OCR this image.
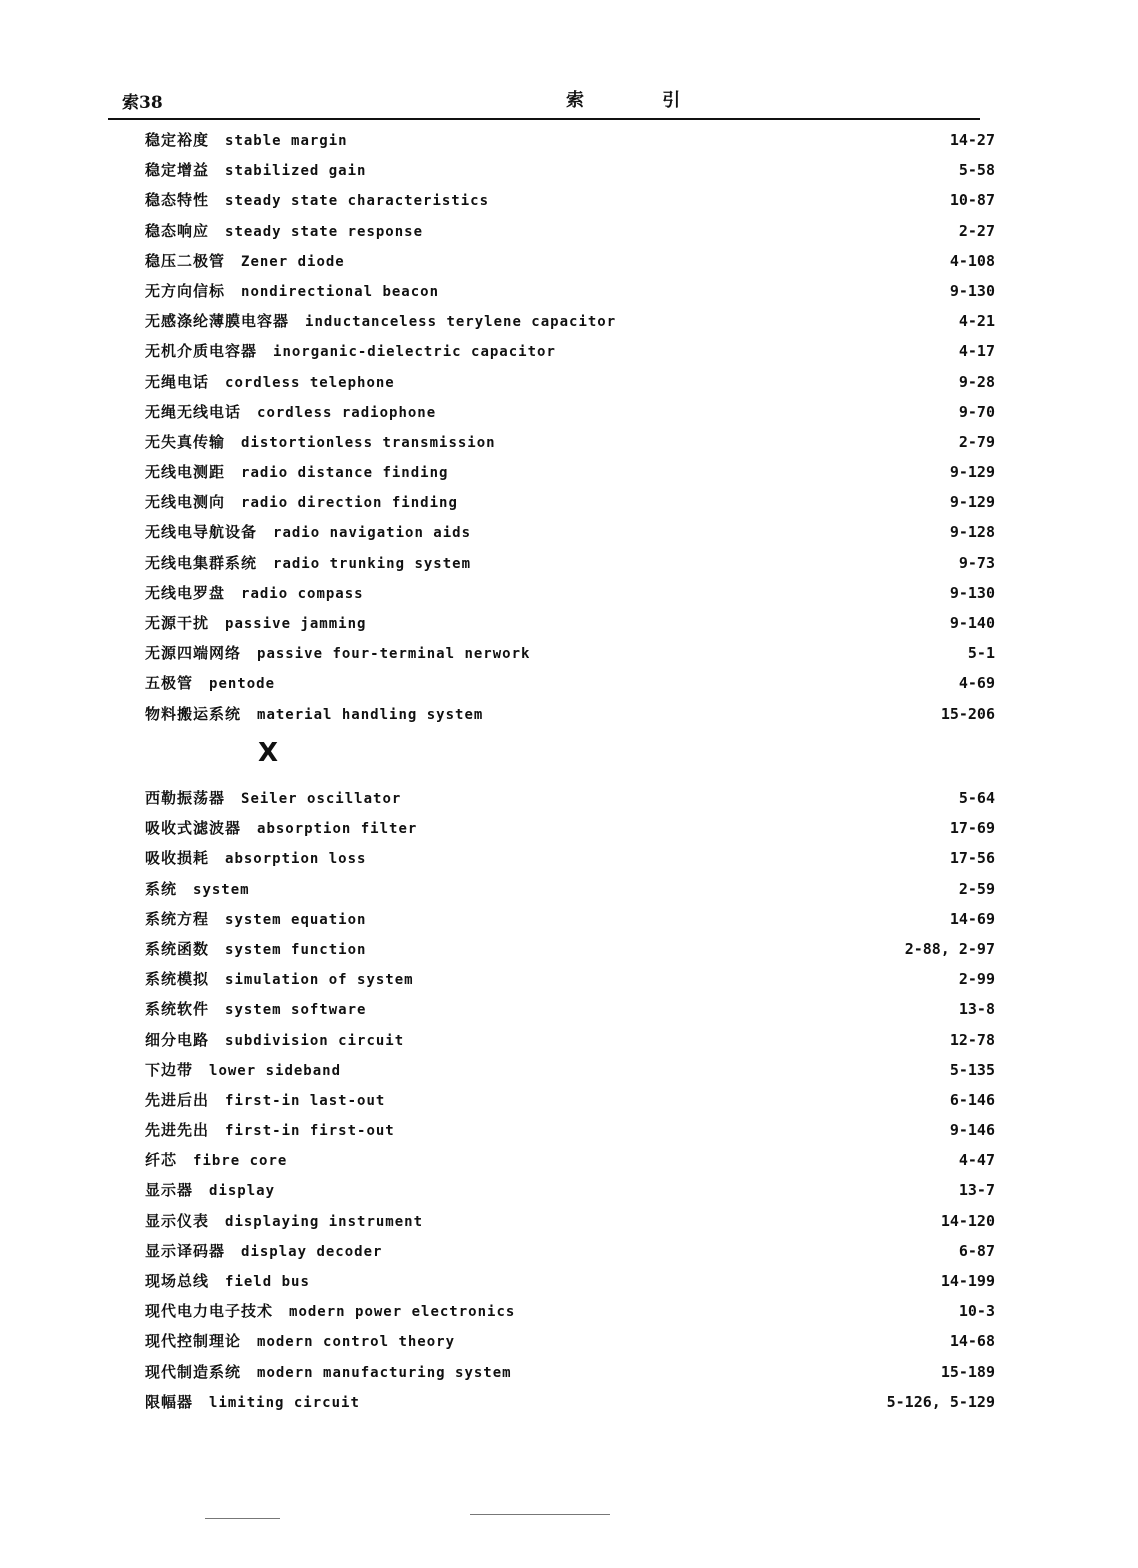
索38	索 引
稳定裕度 stable margin	14-27
稳定增益 stabilized gain	5-58
稳态特性 steady state characteristics	10-87
稳态响应 steady state response	2-27
稳压二极管 Zener diode	4-108
无方向信标 nondirectional beacon	9-130
无感涤纶薄膜电容器 inductanceless terylene capacitor	4-21
无机介质电容器 inorganic-dielectric capacitor	4-17
无绳电话 cordless telephone	9-28
无绳无线电话 cordless radiophone	9-70
无失真传输 distortionless transmission	2-79
无线电测距 radio distance finding	9-129
无线电测向 radio direction finding	9-129
无线电导航设备 radio navigation aids	9-128
无线电集群系统 radio trunking system	9-73
无线电罗盘 radio compass	9-130
无源干扰 passive jamming	9-140
无源四端网络 passive four-terminal nerwork	5-1
五极管 pentode	4-69
物料搬运系统 material handling system	15-206
X
西勒振荡器 Seiler oscillator	5-64
吸收式滤波器 absorption filter	17-69
吸收损耗 absorption loss	17-56
系统 system	2-59
系统方程 system equation	14-69
系统函数 system function	2-88, 2-97
系统模拟 simulation of system	2-99
系统软件 system software	13-8
细分电路 subdivision circuit	12-78
下边带 lower sideband	5-135
先进后出 first-in last-out	6-146
先进先出 first-in first-out	9-146
纤芯 fibre core	4-47
显示器 display	13-7
显示仪表 displaying instrument	14-120
显示译码器 display decoder	6-87
现场总线 field bus	14-199
现代电力电子技术 modern power electronics	10-3
现代控制理论 modern control theory	14-68
现代制造系统 modern manufacturing system	15-189
限幅器 limiting circuit	5-126, 5-129
